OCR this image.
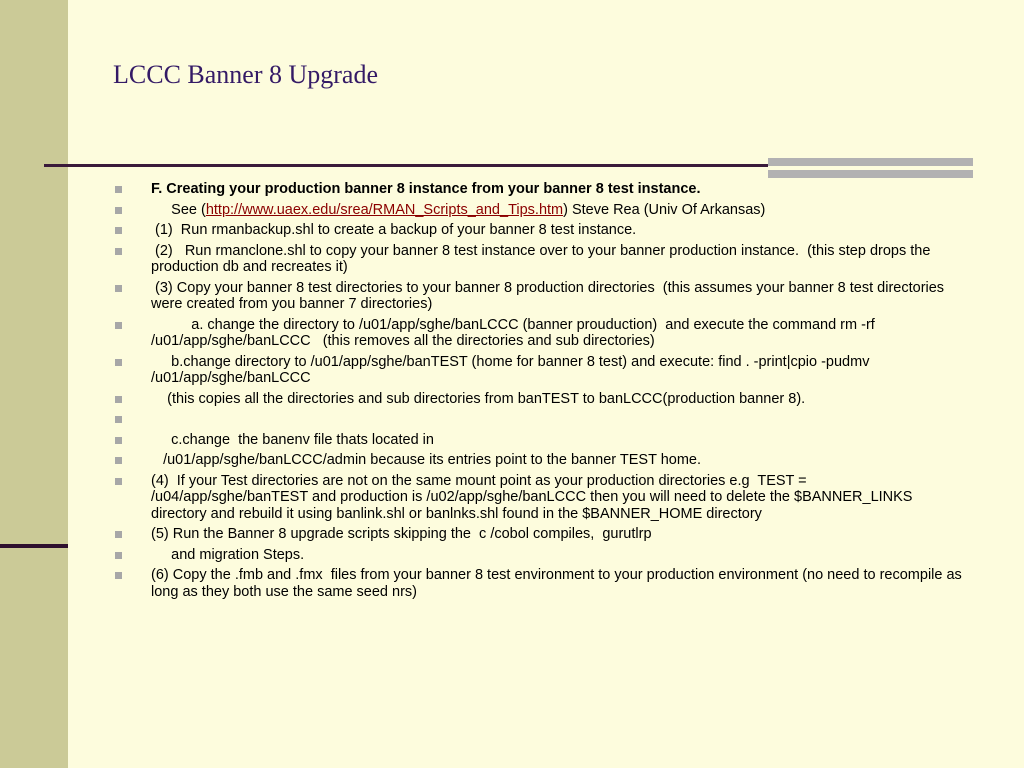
LCCC Banner 8 Upgrade
F. Creating your production banner 8 instance from your banner 8 test instance.
See (http://www.uaex.edu/srea/RMAN_Scripts_and_Tips.htm) Steve Rea (Univ Of Arkansas)
(1)  Run rmanbackup.shl to create a backup of your banner 8 test instance.
(2)   Run rmanclone.shl to copy your banner 8 test instance over to your banner production instance.  (this step drops the production db and recreates it)
(3) Copy your banner 8 test directories to your banner 8 production directories  (this assumes your banner 8 test directories were created from you banner 7 directories)
a. change the directory to /u01/app/sghe/banLCCC (banner prouduction)  and execute the command rm -rf /u01/app/sghe/banLCCC   (this removes all the directories and sub directories)
b.change directory to /u01/app/sghe/banTEST (home for banner 8 test) and execute: find . -print|cpio -pudmv /u01/app/sghe/banLCCC
(this copies all the directories and sub directories from banTEST to banLCCC(production banner 8).
c.change  the banenv file thats located in
/u01/app/sghe/banLCCC/admin because its entries point to the banner TEST home.
(4)  If your Test directories are not on the same mount point as your production directories e.g  TEST = /u04/app/sghe/banTEST and production is /u02/app/sghe/banLCCC then you will need to delete the $BANNER_LINKS directory and rebuild it using banlink.shl or banlnks.shl found in the $BANNER_HOME directory
(5) Run the Banner 8 upgrade scripts skipping the  c /cobol compiles,  gurutlrp
and migration Steps.
(6) Copy the .fmb and .fmx  files from your banner 8 test environment to your production environment (no need to recompile as long as they both use the same seed nrs)
